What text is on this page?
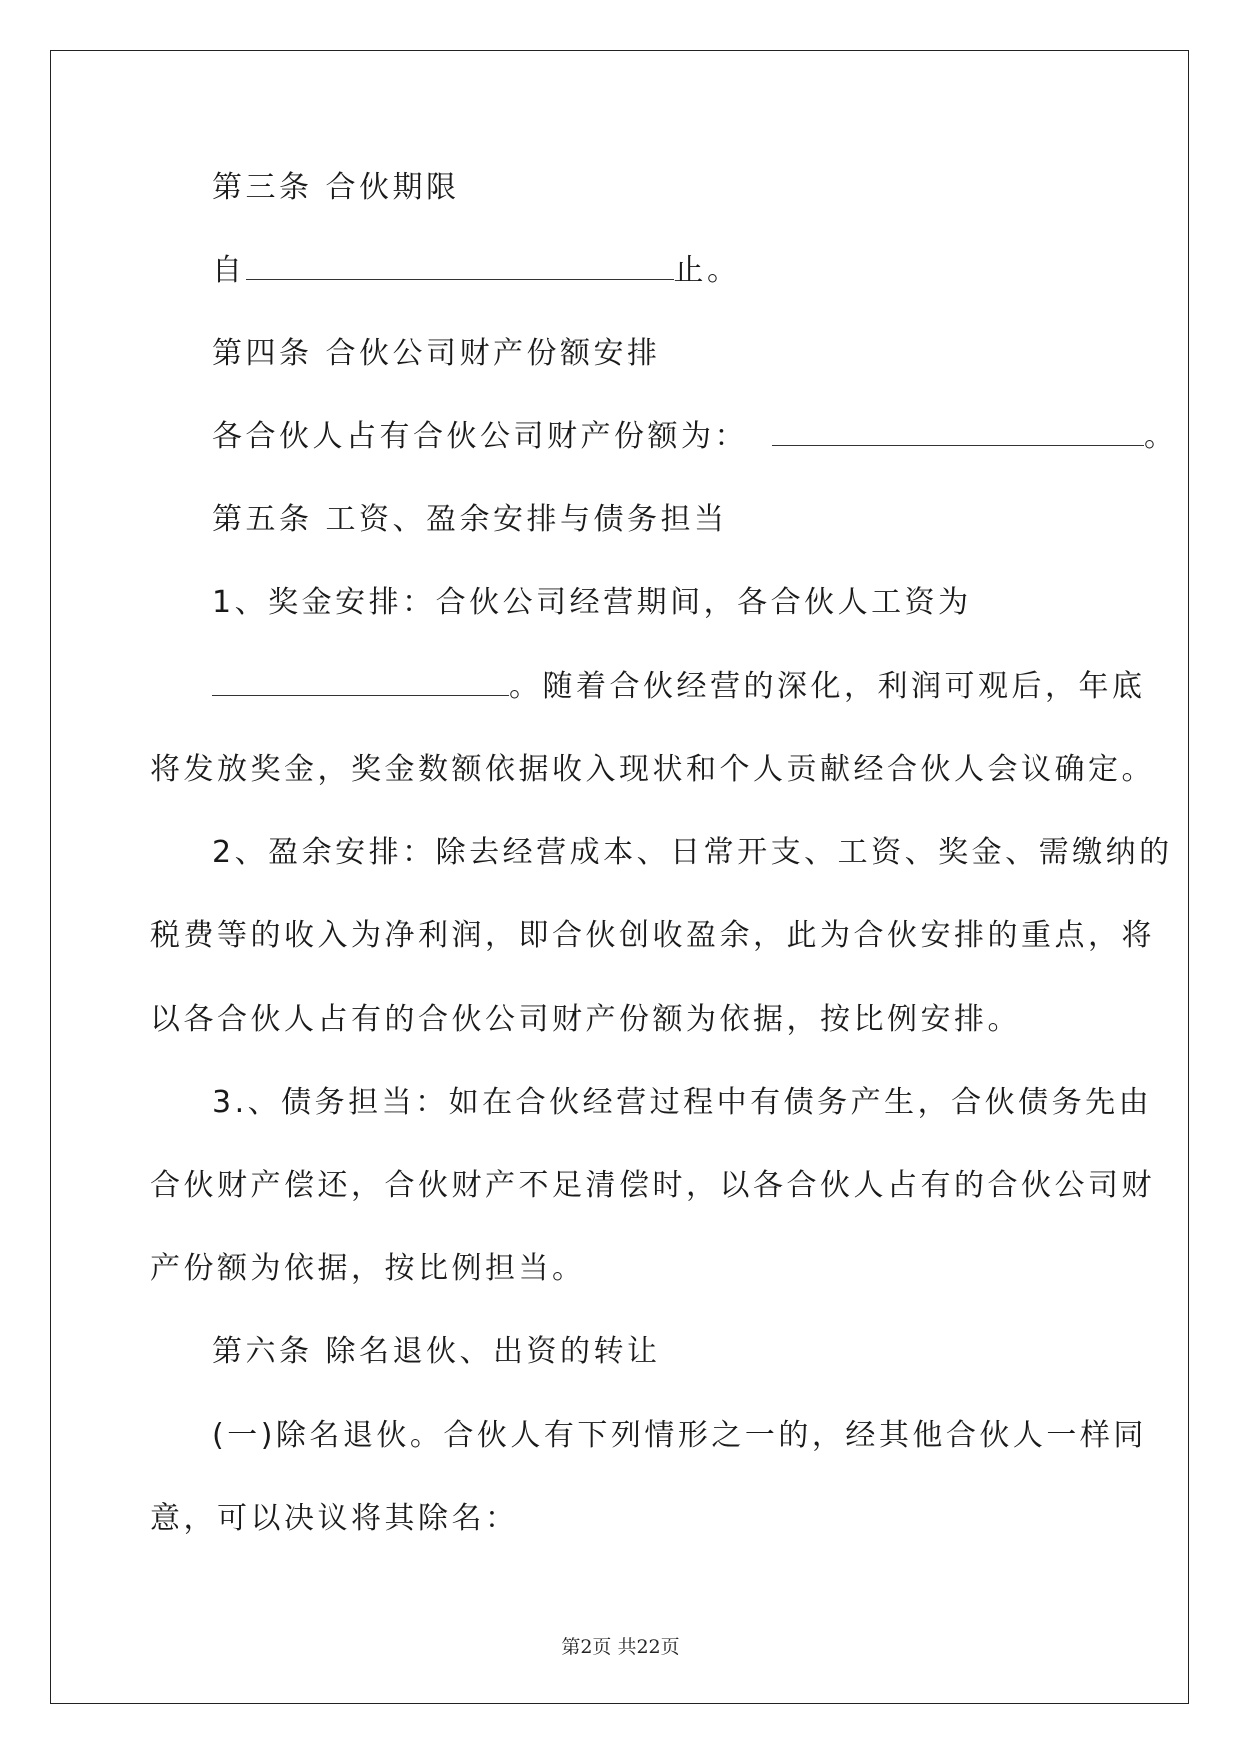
第三条 合伙期限
自	止。
第四条 合伙公司财产份额安排
各合伙人占有合伙公司财产份额为：	。
第五条 工资、盈余安排与债务担当
1、奖金安排：合伙公司经营期间，各合伙人工资为
。随着合伙经营的深化，利润可观后，年底
将发放奖金，奖金数额依据收入现状和个人贡献经合伙人会议确定。
2、盈余安排：除去经营成本、日常开支、工资、奖金、需缴纳的
税费等的收入为净利润，即合伙创收盈余，此为合伙安排的重点，将
以各合伙人占有的合伙公司财产份额为依据，按比例安排。
3.、债务担当：如在合伙经营过程中有债务产生，合伙债务先由
合伙财产偿还，合伙财产不足清偿时，以各合伙人占有的合伙公司财
产份额为依据，按比例担当。
第六条 除名退伙、出资的转让
(一)除名退伙。合伙人有下列情形之一的，经其他合伙人一样同
意，可以决议将其除名：
第2页 共22页
